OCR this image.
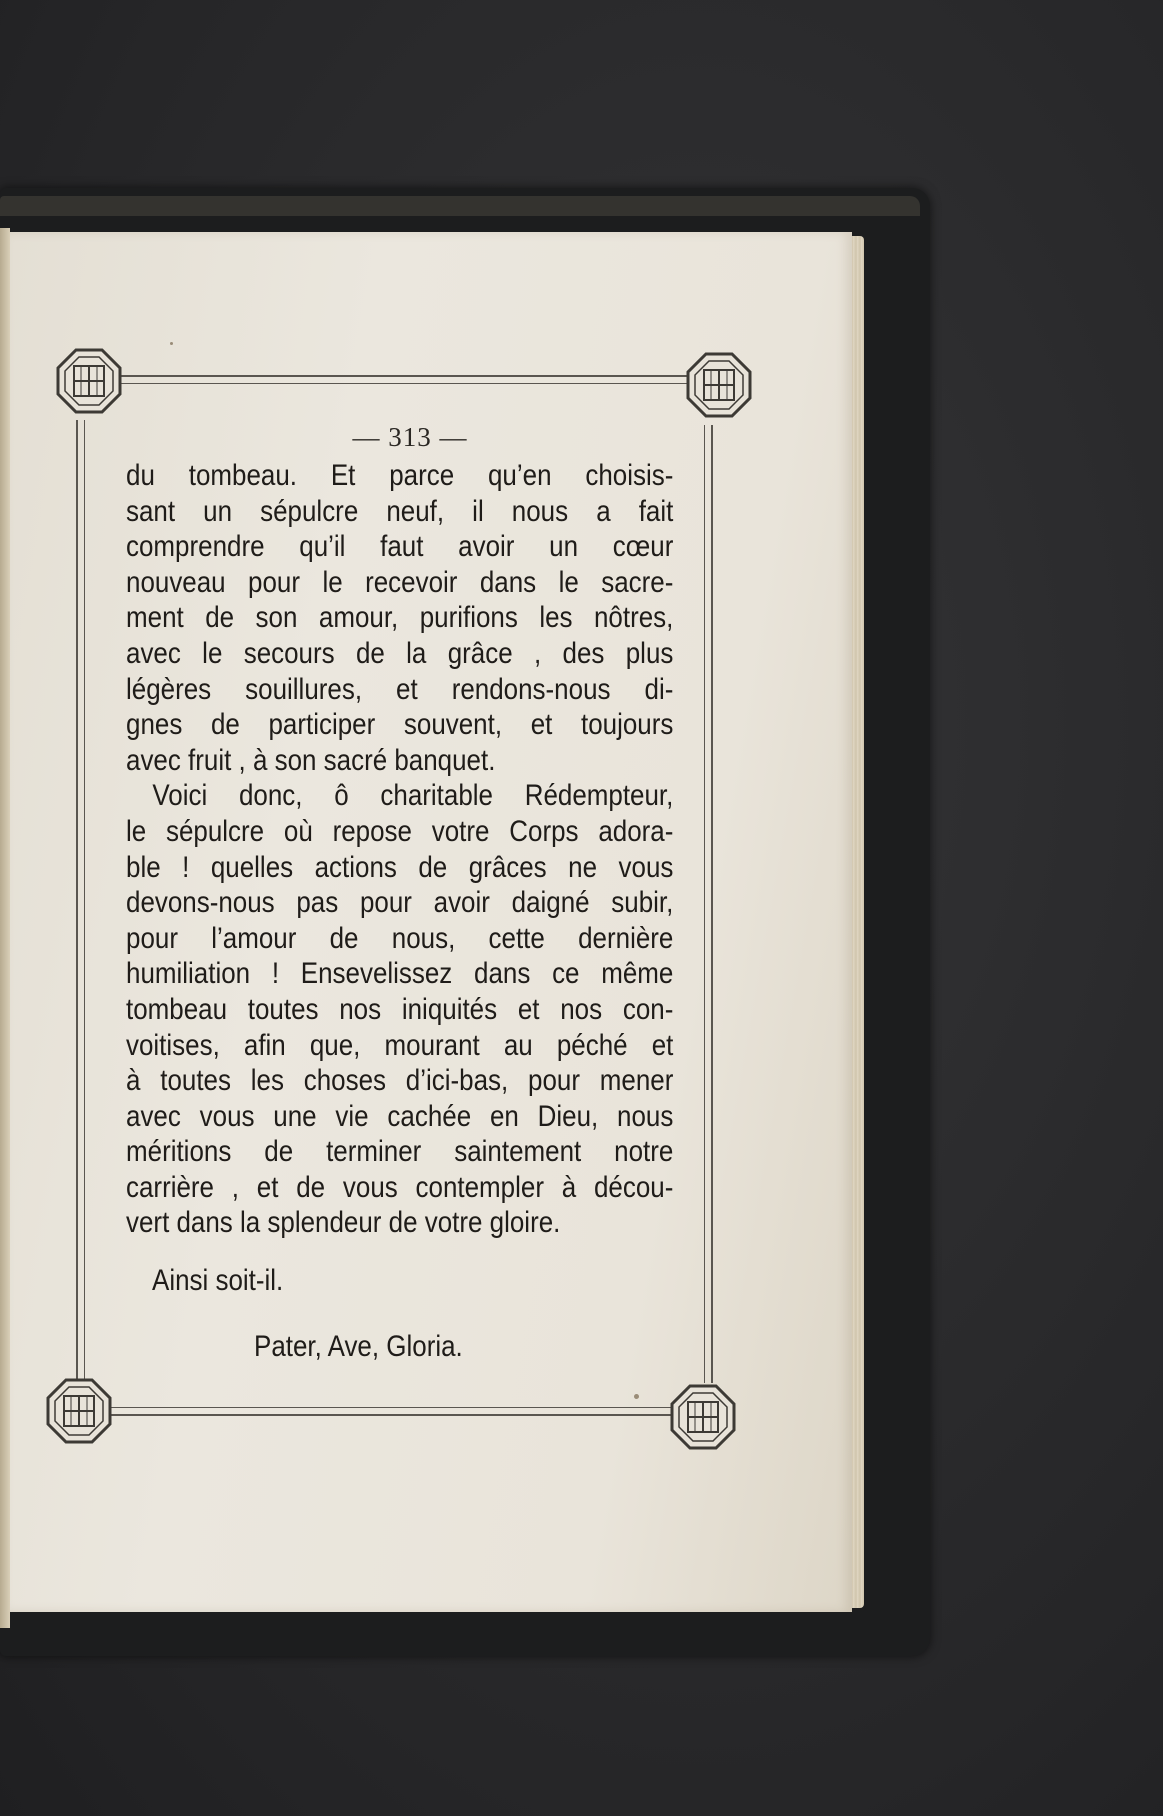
— 313 —
du tombeau. Et parce qu’en choisis-
sant un sépulcre neuf, il nous a fait
comprendre qu’il faut avoir un cœur
nouveau pour le recevoir dans le sacre-
ment de son amour, purifions les nôtres,
avec le secours de la grâce , des plus
légères souillures, et rendons-nous di-
gnes de participer souvent, et toujours
avec fruit , à son sacré banquet.
Voici donc, ô charitable Rédempteur,
le sépulcre où repose votre Corps adora-
ble ! quelles actions de grâces ne vous
devons-nous pas pour avoir daigné subir,
pour l’amour de nous, cette dernière
humiliation ! Ensevelissez dans ce même
tombeau toutes nos iniquités et nos con-
voitises, afin que, mourant au péché et
à toutes les choses d’ici-bas, pour mener
avec vous une vie cachée en Dieu, nous
méritions de terminer saintement notre
carrière , et de vous contempler à décou-
vert dans la splendeur de votre gloire.
Ainsi soit-il.
Pater, Ave, Gloria.
